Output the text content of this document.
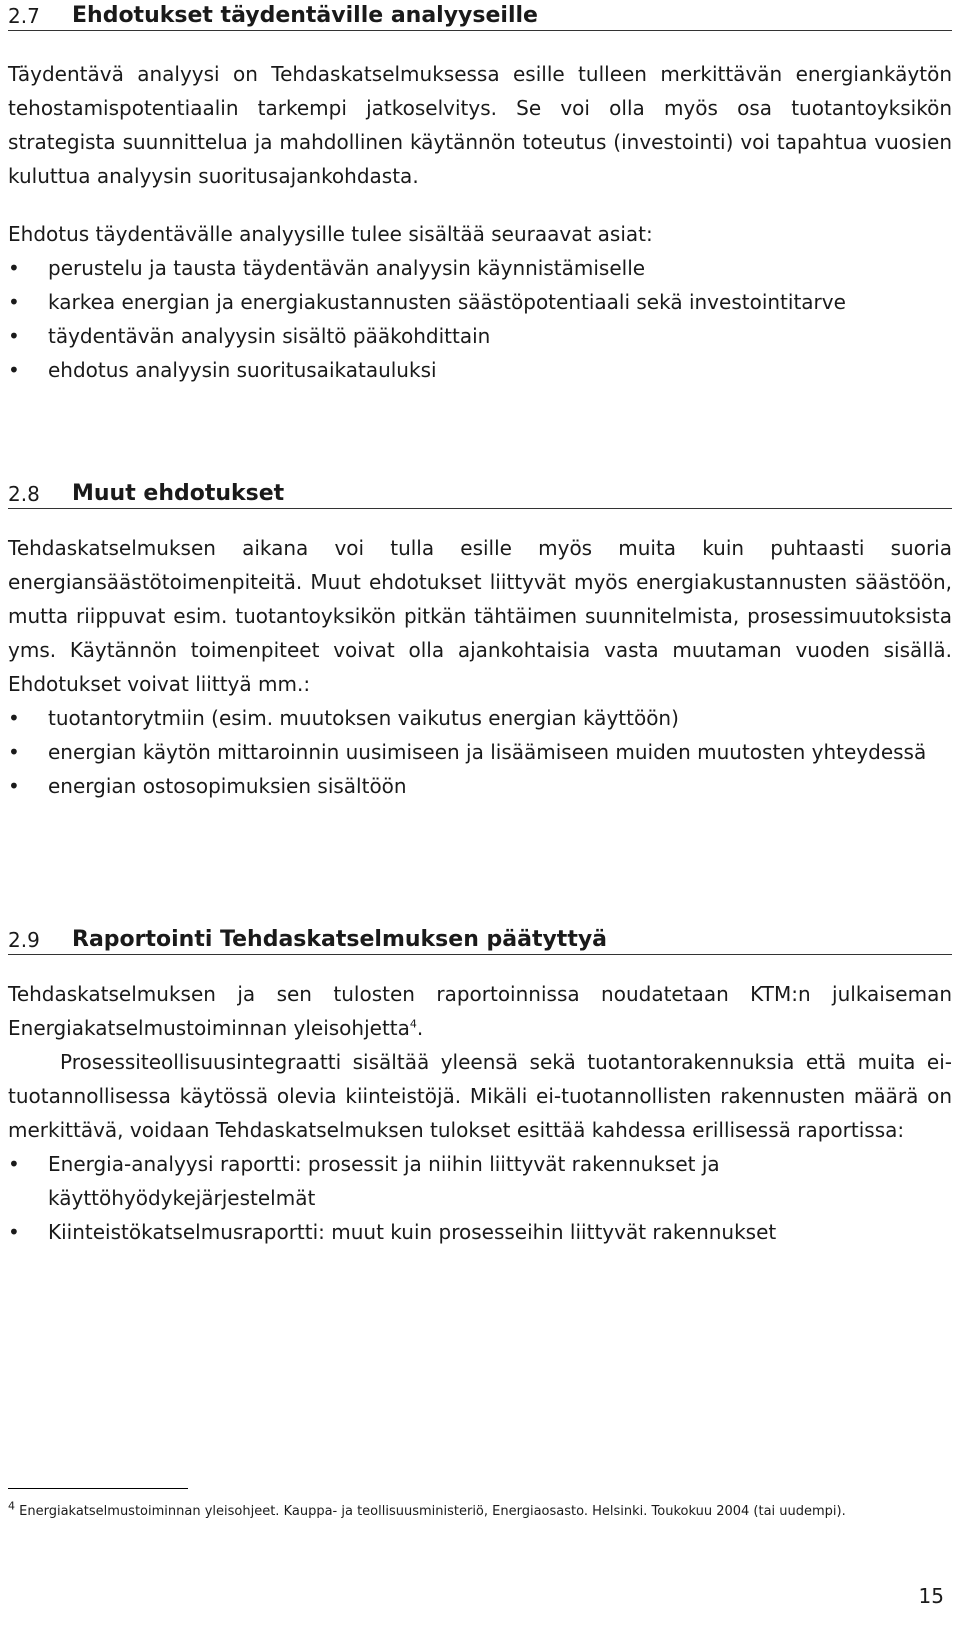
2.7 Ehdotukset täydentäville analyyseille

Täydentävä analyysi on Tehdaskatselmuksessa esille tulleen merkittävän energiankäytön tehostamispotentiaalin tarkempi jatkoselvitys. Se voi olla myös osa tuotantoyksikön strategista suunnittelua ja mahdollinen käytännön toteutus (investointi) voi tapahtua vuosien kuluttua analyysin suoritusajankohdasta.

Ehdotus täydentävälle analyysille tulee sisältää seuraavat asiat:

• perustelu ja tausta täydentävän analyysin käynnistämiselle
• karkea energian ja energiakustannusten säästöpotentiaali sekä investointitarve
• täydentävän analyysin sisältö pääkohdittain
• ehdotus analyysin suoritusaikatauluksi
2.8 Muut ehdotukset

Tehdaskatselmuksen aikana voi tulla esille myös muita kuin puhtaasti suoria energiansäästötoimenpiteitä. Muut ehdotukset liittyvät myös energiakustannusten säästöön, mutta riippuvat esim. tuotantoyksikön pitkän tähtäimen suunnitelmista, prosessimuutoksista yms. Käytännön toimenpiteet voivat olla ajankohtaisia vasta muutaman vuoden sisällä. Ehdotukset voivat liittyä mm.:

• tuotantorytmiin (esim. muutoksen vaikutus energian käyttöön)
• energian käytön mittaroinnin uusimiseen ja lisäämiseen muiden muutosten yhteydessä
• energian ostosopimuksien sisältöön
2.9 Raportointi Tehdaskatselmuksen päätyttyä

Tehdaskatselmuksen ja sen tulosten raportoinnissa noudatetaan KTM:n julkaiseman Energiakatselmustoiminnan yleisohjetta$^4$.

Prosessiteollisuusintegraatti sisältää yleensä sekä tuotantorakennuksia että muita ei-tuotannollisessa käytössä olevia kiinteistöjä. Mikäli ei-tuotannollisten rakennusten määrä on merkittävä, voidaan Tehdaskatselmuksen tulokset esittää kahdessa erillisessä raportissa:

• Energia-analyysi raportti: prosessit ja niihin liittyvät rakennukset ja käyttöhyödykejärjestelmät
• Kiinteistökatselmusraportti: muut kuin prosesseihin liittyvät rakennukset
$^4$ Energiakatselmustoiminnan yleisohjeet. Kauppa- ja teollisuusministeriö, Energiaosasto. Helsinki. Toukokuu 2004 (tai uudempi).
15
